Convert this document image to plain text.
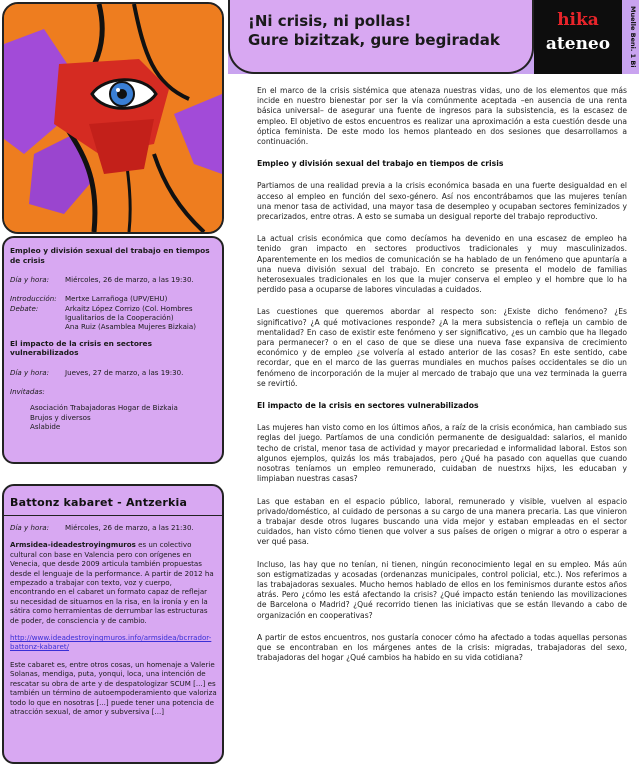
Empleo y división sexual del trabajo en tiempos de crisis
Día y hora:	Miércoles, 26 de marzo, a las 19:30.
Introducción:	Mertxe Larrañoga (UPV/EHU)
Debate:	Arkaitz López Corrizo (Col. Hombres Igualitarios de la Cooperación)
Ana Ruiz (Asamblea Mujeres Bizkaia)
El impacto de la crisis en sectores vulnerabilizados
Día y hora:	Jueves, 27 de marzo, a las 19:30.
Invitadas:
Asociación Trabajadoras Hogar de Bizkaia
Brujos y diversos
Aslabide
Battonz kabaret - Antzerkia

Día y hora:	Miércoles, 26 de marzo, a las 21:30.

Armsidea-ideadestroyingmuros es un colectivo cultural con base en Valencia pero con orígenes en Venecia, que desde 2009 articula también propuestas desde el lenguaje de la performance. A partir de 2012 ha empezado a trabajar con texto, voz y cuerpo, encontrando en el cabaret un formato capaz de reflejar su necesidad de situarnos en la risa, en la ironía y en la sátira como herramientas de derrumbar las estructuras de poder, de consciencia y de cambio.

http://www.ideadestroyingmuros.info/armsidea/bcrrador-battonz-kabaret/

Este cabaret es, entre otros cosas, un homenaje a Valerie Solanas, mendiga, puta, yonqui, loca, una intención de rescatar su obra de arte y de despatologizar SCUM [...] es también un término de autoempoderamiento que valoriza todo lo que en nosotras [...] puede tener una potencia de atracción sexual, de amor y subversiva [...]

¡Ni crisis, ni pollas!
Gure bizitzak, gure begiradak
hika
ateneo	Muelle Beni. 1 Bi

En el marco de la crisis sistémica que atenaza nuestras vidas, uno de los elementos que más incide en nuestro bienestar por ser la vía comúnmente aceptada –en ausencia de una renta básica universal– de asegurar una fuente de ingresos para la subsistencia, es la escasez de empleo. El objetivo de estos encuentros es realizar una aproximación a esta cuestión desde una óptica feminista. De este modo los hemos planteado en dos sesiones que desarrollamos a continuación.

Empleo y división sexual del trabajo en tiempos de crisis

Partiamos de una realidad previa a la crisis económica basada en una fuerte desigualdad en el acceso al empleo en función del sexo-género. Así nos encontrábamos que las mujeres tenían una menor tasa de actividad, una mayor tasa de desempleo y ocupaban sectores feminizados y precarizados, entre otras. A esto se sumaba un desigual reporte del trabajo reproductivo.

La actual crisis económica que como decíamos ha devenido en una escasez de empleo ha tenido gran impacto en sectores productivos tradicionales y muy masculinizados. Aparentemente en los medios de comunicación se ha hablado de un fenómeno que apuntaría a una nueva división sexual del trabajo. En concreto se presenta el modelo de familias heterosexuales tradicionales en los que la mujer conserva el empleo y el hombre que lo ha perdido pasa a ocuparse de labores vinculadas a cuidados.

Las cuestiones que queremos abordar al respecto son: ¿Existe dicho fenómeno? ¿Es significativo? ¿A qué motivaciones responde? ¿A la mera subsistencia o refleja un cambio de mentalidad? En caso de existir este fenómeno y ser significativo, ¿es un cambio que ha llegado para permanecer? o en el caso de que se diese una nueva fase expansiva de crecimiento económico y de empleo ¿se volvería al estado anterior de las cosas? En este sentido, cabe recordar, que en el marco de las guerras mundiales en muchos países occidentales se dio un fenómeno de incorporación de la mujer al mercado de trabajo que una vez terminada la guerra se revirtió.

El impacto de la crisis en sectores vulnerabilizados

Las mujeres han visto como en los últimos años, a raíz de la crisis económica, han cambiado sus reglas del juego. Partíamos de una condición permanente de desigualdad: salarios, el manido techo de cristal, menor tasa de actividad y mayor precariedad e informalidad laboral. Estos son algunos ejemplos, quizás los más trabajados, pero ¿Qué ha pasado con aquellas que cuando nosotras teníamos un empleo remunerado, cuidaban de nuestrxs hijxs, les educaban y limpiaban nuestras casas?

Las que estaban en el espacio público, laboral, remunerado y visible, vuelven al espacio privado/doméstico, al cuidado de personas a su cargo de una manera precaria. Las que vinieron a trabajar desde otros lugares buscando una vida mejor y estaban empleadas en el sector cuidados, han visto cómo tienen que volver a sus países de origen o migrar a otro o esperar a ver qué pasa.

Incluso, las hay que no tenían, ni tienen, ningún reconocimiento legal en su empleo. Más aún son estigmatizadas y acosadas (ordenanzas municipales, control policial, etc.). Nos referimos a las trabajadoras sexuales. Mucho hemos hablado de ellos en los feminismos durante estos años atrás. Pero ¿cómo les está afectando la crisis? ¿Qué impacto están teniendo las movilizaciones de Barcelona o Madrid? ¿Qué recorrido tienen las iniciativas que se están llevando a cabo de organización en cooperativas?

A partir de estos encuentros, nos gustaría conocer cómo ha afectado a todas aquellas personas que se encontraban en los márgenes antes de la crisis: migradas, trabajadoras del sexo, trabajadoras del hogar ¿Qué cambios ha habido en su vida cotidiana?
